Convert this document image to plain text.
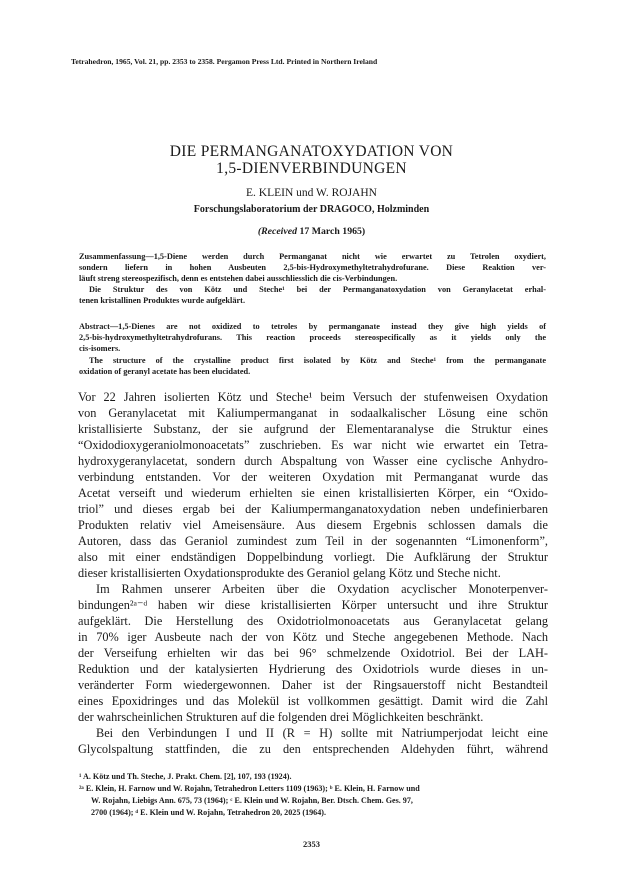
Tetrahedron, 1965, Vol. 21, pp. 2353 to 2358. Pergamon Press Ltd. Printed in Northern Ireland
DIE PERMANGANATOXYDATION VON
1,5-DIENVERBINDUNGEN
E. KLEIN und W. ROJAHN
Forschungslaboratorium der DRAGOCO, Holzminden
(Received 17 March 1965)
Zusammenfassung—1,5-Diene werden durch Permanganat nicht wie erwartet zu Tetrolen oxydiert,
sondern liefern in hohen Ausbeuten 2,5-bis-Hydroxymethyltetrahydrofurane. Diese Reaktion ver-
läuft streng stereospezifisch, denn es entstehen dabei ausschliesslich die cis-Verbindungen.
Die Struktur des von Kötz und Steche¹ bei der Permanganatoxydation von Geranylacetat erhal-
tenen kristallinen Produktes wurde aufgeklärt.
Abstract—1,5-Dienes are not oxidized to tetroles by permanganate instead they give high yields of
2,5-bis-hydroxymethyltetrahydrofurans. This reaction proceeds stereospecifically as it yields only the
cis-isomers.
The structure of the crystalline product first isolated by Kötz and Steche¹ from the permanganate
oxidation of geranyl acetate has been elucidated.
Vor 22 Jahren isolierten Kötz und Steche¹ beim Versuch der stufenweisen Oxydation
von Geranylacetat mit Kaliumpermanganat in sodaalkalischer Lösung eine schön
kristallisierte Substanz, der sie aufgrund der Elementaranalyse die Struktur eines
“Oxidodioxygeraniolmonoacetats” zuschrieben. Es war nicht wie erwartet ein Tetra-
hydroxygeranylacetat, sondern durch Abspaltung von Wasser eine cyclische Anhydro-
verbindung entstanden. Vor der weiteren Oxydation mit Permanganat wurde das
Acetat verseift und wiederum erhielten sie einen kristallisierten Körper, ein “Oxido-
triol” und dieses ergab bei der Kaliumpermanganatoxydation neben undefinierbaren
Produkten relativ viel Ameisensäure. Aus diesem Ergebnis schlossen damals die
Autoren, dass das Geraniol zumindest zum Teil in der sogenannten “Limonenform”,
also mit einer endständigen Doppelbindung vorliegt. Die Aufklärung der Struktur
dieser kristallisierten Oxydationsprodukte des Geraniol gelang Kötz und Steche nicht.
Im Rahmen unserer Arbeiten über die Oxydation acyclischer Monoterpenver-
bindungen²ᵃ⁻ᵈ haben wir diese kristallisierten Körper untersucht und ihre Struktur
aufgeklärt. Die Herstellung des Oxidotriolmonoacetats aus Geranylacetat gelang
in 70% iger Ausbeute nach der von Kötz und Steche angegebenen Methode. Nach
der Verseifung erhielten wir das bei 96° schmelzende Oxidotriol. Bei der LAH-
Reduktion und der katalysierten Hydrierung des Oxidotriols wurde dieses in un-
veränderter Form wiedergewonnen. Daher ist der Ringsauerstoff nicht Bestandteil
eines Epoxidringes und das Molekül ist vollkommen gesättigt. Damit wird die Zahl
der wahrscheinlichen Strukturen auf die folgenden drei Möglichkeiten beschränkt.
Bei den Verbindungen I und II (R = H) sollte mit Natriumperjodat leicht eine
Glycolspaltung stattfinden, die zu den entsprechenden Aldehyden führt, während
¹ A. Kötz und Th. Steche, J. Prakt. Chem. [2], 107, 193 (1924).
²ᵃ E. Klein, H. Farnow und W. Rojahn, Tetrahedron Letters 1109 (1963); ᵇ E. Klein, H. Farnow und
W. Rojahn, Liebigs Ann. 675, 73 (1964); ᶜ E. Klein und W. Rojahn, Ber. Dtsch. Chem. Ges. 97,
2700 (1964); ᵈ E. Klein und W. Rojahn, Tetrahedron 20, 2025 (1964).
2353
